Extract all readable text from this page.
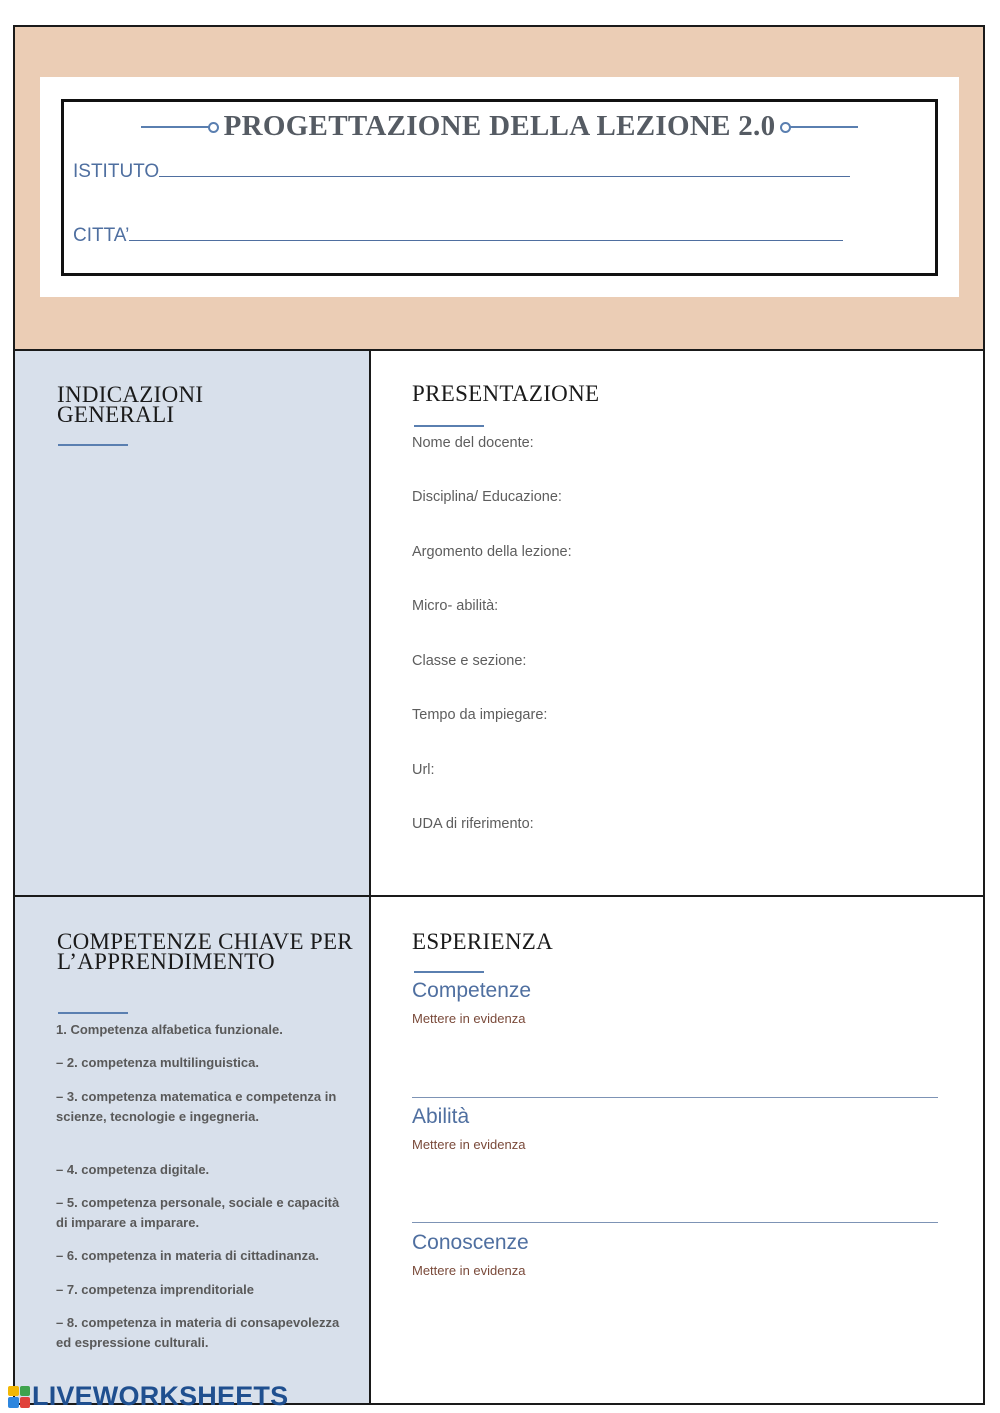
PROGETTAZIONE DELLA LEZIONE 2.0
ISTITUTO
CITTA’
INDICAZIONI GENERALI
PRESENTAZIONE
Nome del docente:
Disciplina/ Educazione:
Argomento della lezione:
Micro- abilità:
Classe e sezione:
Tempo da impiegare:
Url:
UDA di riferimento:
COMPETENZE CHIAVE PER L’APPRENDIMENTO
1. Competenza alfabetica funzionale.
– 2. competenza multilinguistica.
– 3. competenza matematica e competenza in scienze, tecnologie e ingegneria.
– 4. competenza digitale.
– 5. competenza personale, sociale e capacità di imparare a imparare.
– 6. competenza in materia di cittadinanza.
– 7. competenza imprenditoriale
– 8. competenza in materia di consapevolezza ed espressione culturali.
ESPERIENZA
Competenze
Mettere in evidenza
Abilità
Mettere in evidenza
Conoscenze
Mettere in evidenza
LIVEWORKSHEETS
